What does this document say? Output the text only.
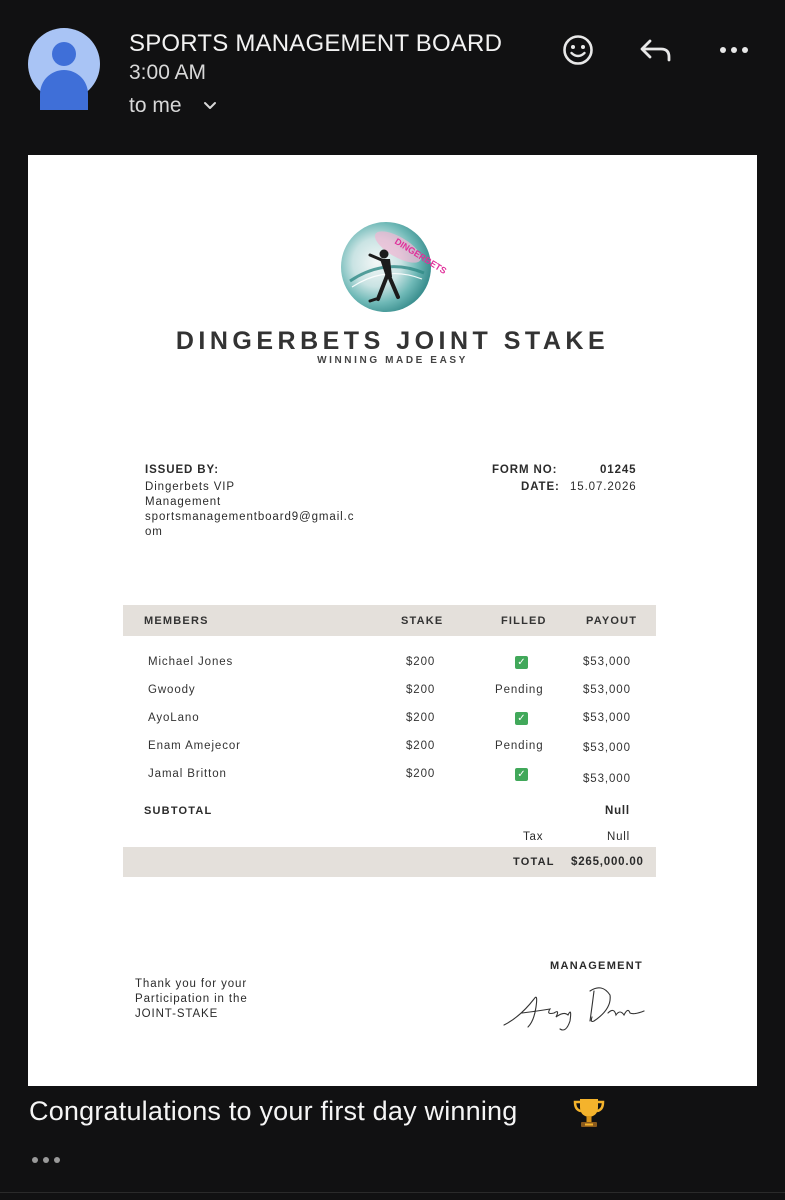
SPORTS MANAGEMENT BOARD
3:00 AM
to me
DINGERBETS
DINGERBETS JOINT STAKE
WINNING MADE EASY
ISSUED BY:
Dingerbets VIP
Management
sportsmanagementboard9@gmail.c
om
FORM NO:	01245
DATE: 15.07.2026
MEMBERS	STAKE	FILLED	PAYOUT
Michael Jones	$200	✓	$53,000
Gwoody	$200	Pending	$53,000
AyoLano	$200	✓	$53,000
Enam Amejecor	$200	Pending	$53,000
Jamal Britton	$200	✓	$53,000
SUBTOTAL	Null
Tax	Null
TOTAL $265,000.00
Thank you for your
Participation in the
JOINT-STAKE
MANAGEMENT
Congratulations to your first day winning
